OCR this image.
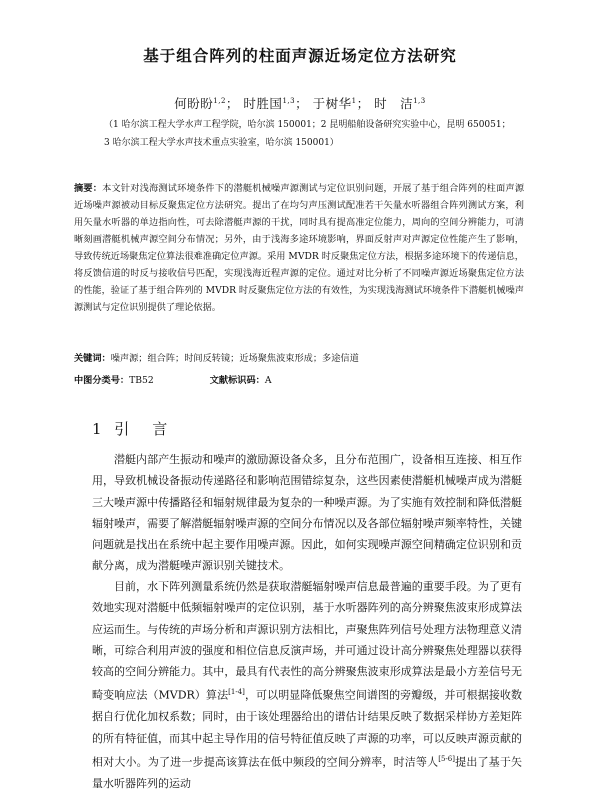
基于组合阵列的柱面声源近场定位方法研究
何盼盼$^{1,2}$； 时胜国$^{1,3}$； 于树华$^1$； 时　洁$^{1,3}$
（1 哈尔滨工程大学水声工程学院，哈尔滨 150001；2 昆明船舶设备研究实验中心，昆明 650051；
3 哈尔滨工程大学水声技术重点实验室，哈尔滨 150001）
摘要：本文针对浅海测试环境条件下的潜艇机械噪声源测试与定位识别问题，开展了基于组合阵列的柱面声源近场噪声源被动目标反聚焦定位方法研究。提出了在均匀声压测试配准若干矢量水听器组合阵列测试方案，利用矢量水听器的单边指向性，可去除潜艇声源的干扰，同时具有提高准定位能力，周向的空间分辨能力，可清晰刻画潜艇机械声源空间分布情况；另外，由于浅海多途环境影响，界面反射声对声源定位性能产生了影响，导致传统近场聚焦定位算法很难准确定位声源。采用 MVDR 时反聚焦定位方法，根据多途环境下的传递信息，将反馈信道的时反与接收信号匹配，实现浅海近程声源的定位。通过对比分析了不同噪声源近场聚焦定位方法的性能，验证了基于组合阵列的 MVDR 时反聚焦定位方法的有效性，为实现浅海测试环境条件下潜艇机械噪声源测试与定位识别提供了理论依据。
关键词：噪声源；组合阵；时间反转镜；近场聚焦波束形成；多途信道
中图分类号：TB52	文献标识码：A
1 引　言

潜艇内部产生振动和噪声的激励源设备众多，且分布范围广，设备相互连接、相互作用，导致机械设备振动传递路径和影响范围错综复杂，这些因素使潜艇机械噪声成为潜艇三大噪声源中传播路径和辐射规律最为复杂的一种噪声源。为了实施有效控制和降低潜艇辐射噪声，需要了解潜艇辐射噪声源的空间分布情况以及各部位辐射噪声频率特性，关键问题就是找出在系统中起主要作用噪声源。因此，如何实现噪声源空间精确定位识别和贡献分离，成为潜艇噪声源识别关键技术。

目前，水下阵列测量系统仍然是获取潜艇辐射噪声信息最普遍的重要手段。为了更有效地实现对潜艇中低频辐射噪声的定位识别，基于水听器阵列的高分辨聚焦波束形成算法应运而生。与传统的声场分析和声源识别方法相比，声聚焦阵列信号处理方法物理意义清晰，可综合利用声波的强度和相位信息反演声场，并可通过设计高分辨聚焦处理器以获得较高的空间分辨能力。其中，最具有代表性的高分辨聚焦波束形成算法是最小方差信号无畸变响应法（MVDR）算法[1-4]，可以明显降低聚焦空间谱图的旁瓣级，并可根据接收数据自行优化加权系数；同时，由于该处理器给出的谱估计结果反映了数据采样协方差矩阵的所有特征值，而其中起主导作用的信号特征值反映了声源的功率，可以反映声源贡献的相对大小。为了进一步提高该算法在低中频段的空间分辨率，时洁等人[5-6]提出了基于矢量水听器阵列的运动
